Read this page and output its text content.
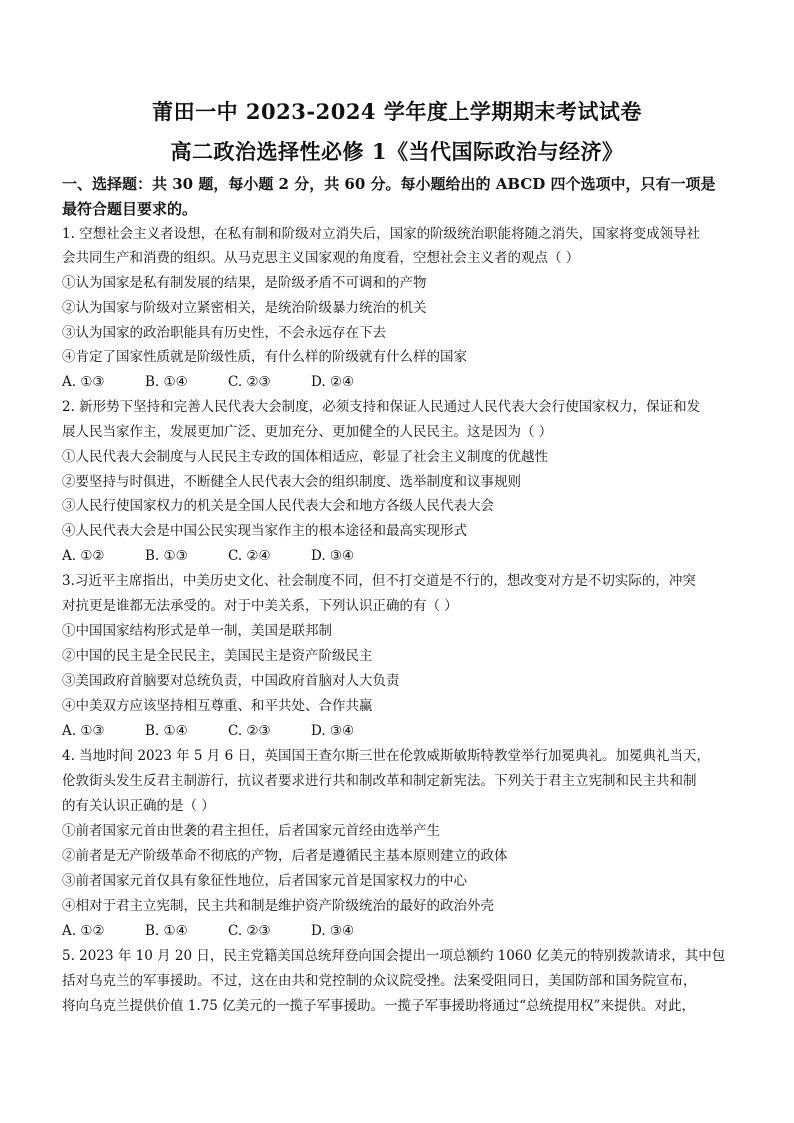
莆田一中 2023-2024 学年度上学期期末考试试卷
高二政治选择性必修 1《当代国际政治与经济》
一、选择题：共 30 题，每小题 2 分，共 60 分。每小题给出的 ABCD 四个选项中，只有一项是
最符合题目要求的。
1. 空想社会主义者设想，在私有制和阶级对立消失后，国家的阶级统治职能将随之消失，国家将变成领导社
会共同生产和消费的组织。从马克思主义国家观的角度看，空想社会主义者的观点（ ）
①认为国家是私有制发展的结果，是阶级矛盾不可调和的产物
②认为国家与阶级对立紧密相关，是统治阶级暴力统治的机关
③认为国家的政治职能具有历史性，不会永远存在下去
④肯定了国家性质就是阶级性质，有什么样的阶级就有什么样的国家
A. ①③	B. ①④	C. ②③	D. ②④
2. 新形势下坚持和完善人民代表大会制度，必须支持和保证人民通过人民代表大会行使国家权力，保证和发
展人民当家作主，发展更加广泛、更加充分、更加健全的人民民主。这是因为（ ）
①人民代表大会制度与人民民主专政的国体相适应，彰显了社会主义制度的优越性
②要坚持与时俱进，不断健全人民代表大会的组织制度、选举制度和议事规则
③人民行使国家权力的机关是全国人民代表大会和地方各级人民代表大会
④人民代表大会是中国公民实现当家作主的根本途径和最高实现形式
A. ①②	B. ①③	C. ②④	D. ③④
3.习近平主席指出，中美历史文化、社会制度不同，但不打交道是不行的，想改变对方是不切实际的，冲突
对抗更是谁都无法承受的。对于中美关系，下列认识正确的有（ ）
①中国国家结构形式是单一制，美国是联邦制
②中国的民主是全民民主，美国民主是资产阶级民主
③美国政府首脑要对总统负责，中国政府首脑对人大负责
④中美双方应该坚持相互尊重、和平共处、合作共赢
A. ①③	B. ①④	C. ②③	D. ③④
4. 当地时间 2023 年 5 月 6 日，英国国王查尔斯三世在伦敦威斯敏斯特教堂举行加冕典礼。加冕典礼当天，
伦敦街头发生反君主制游行，抗议者要求进行共和制改革和制定新宪法。下列关于君主立宪制和民主共和制
的有关认识正确的是（ ）
①前者国家元首由世袭的君主担任，后者国家元首经由选举产生
②前者是无产阶级革命不彻底的产物，后者是遵循民主基本原则建立的政体
③前者国家元首仅具有象征性地位，后者国家元首是国家权力的中心
④相对于君主立宪制，民主共和制是维护资产阶级统治的最好的政治外壳
A. ①②	B. ①④	C. ②③	D. ③④
5. 2023 年 10 月 20 日，民主党籍美国总统拜登向国会提出一项总额约 1060 亿美元的特别拨款请求，其中包
括对乌克兰的军事援助。不过，这在由共和党控制的众议院受挫。法案受阻同日，美国防部和国务院宣布，
将向乌克兰提供价值 1.75 亿美元的一揽子军事援助。一揽子军事援助将通过“总统提用权”来提供。对此，
